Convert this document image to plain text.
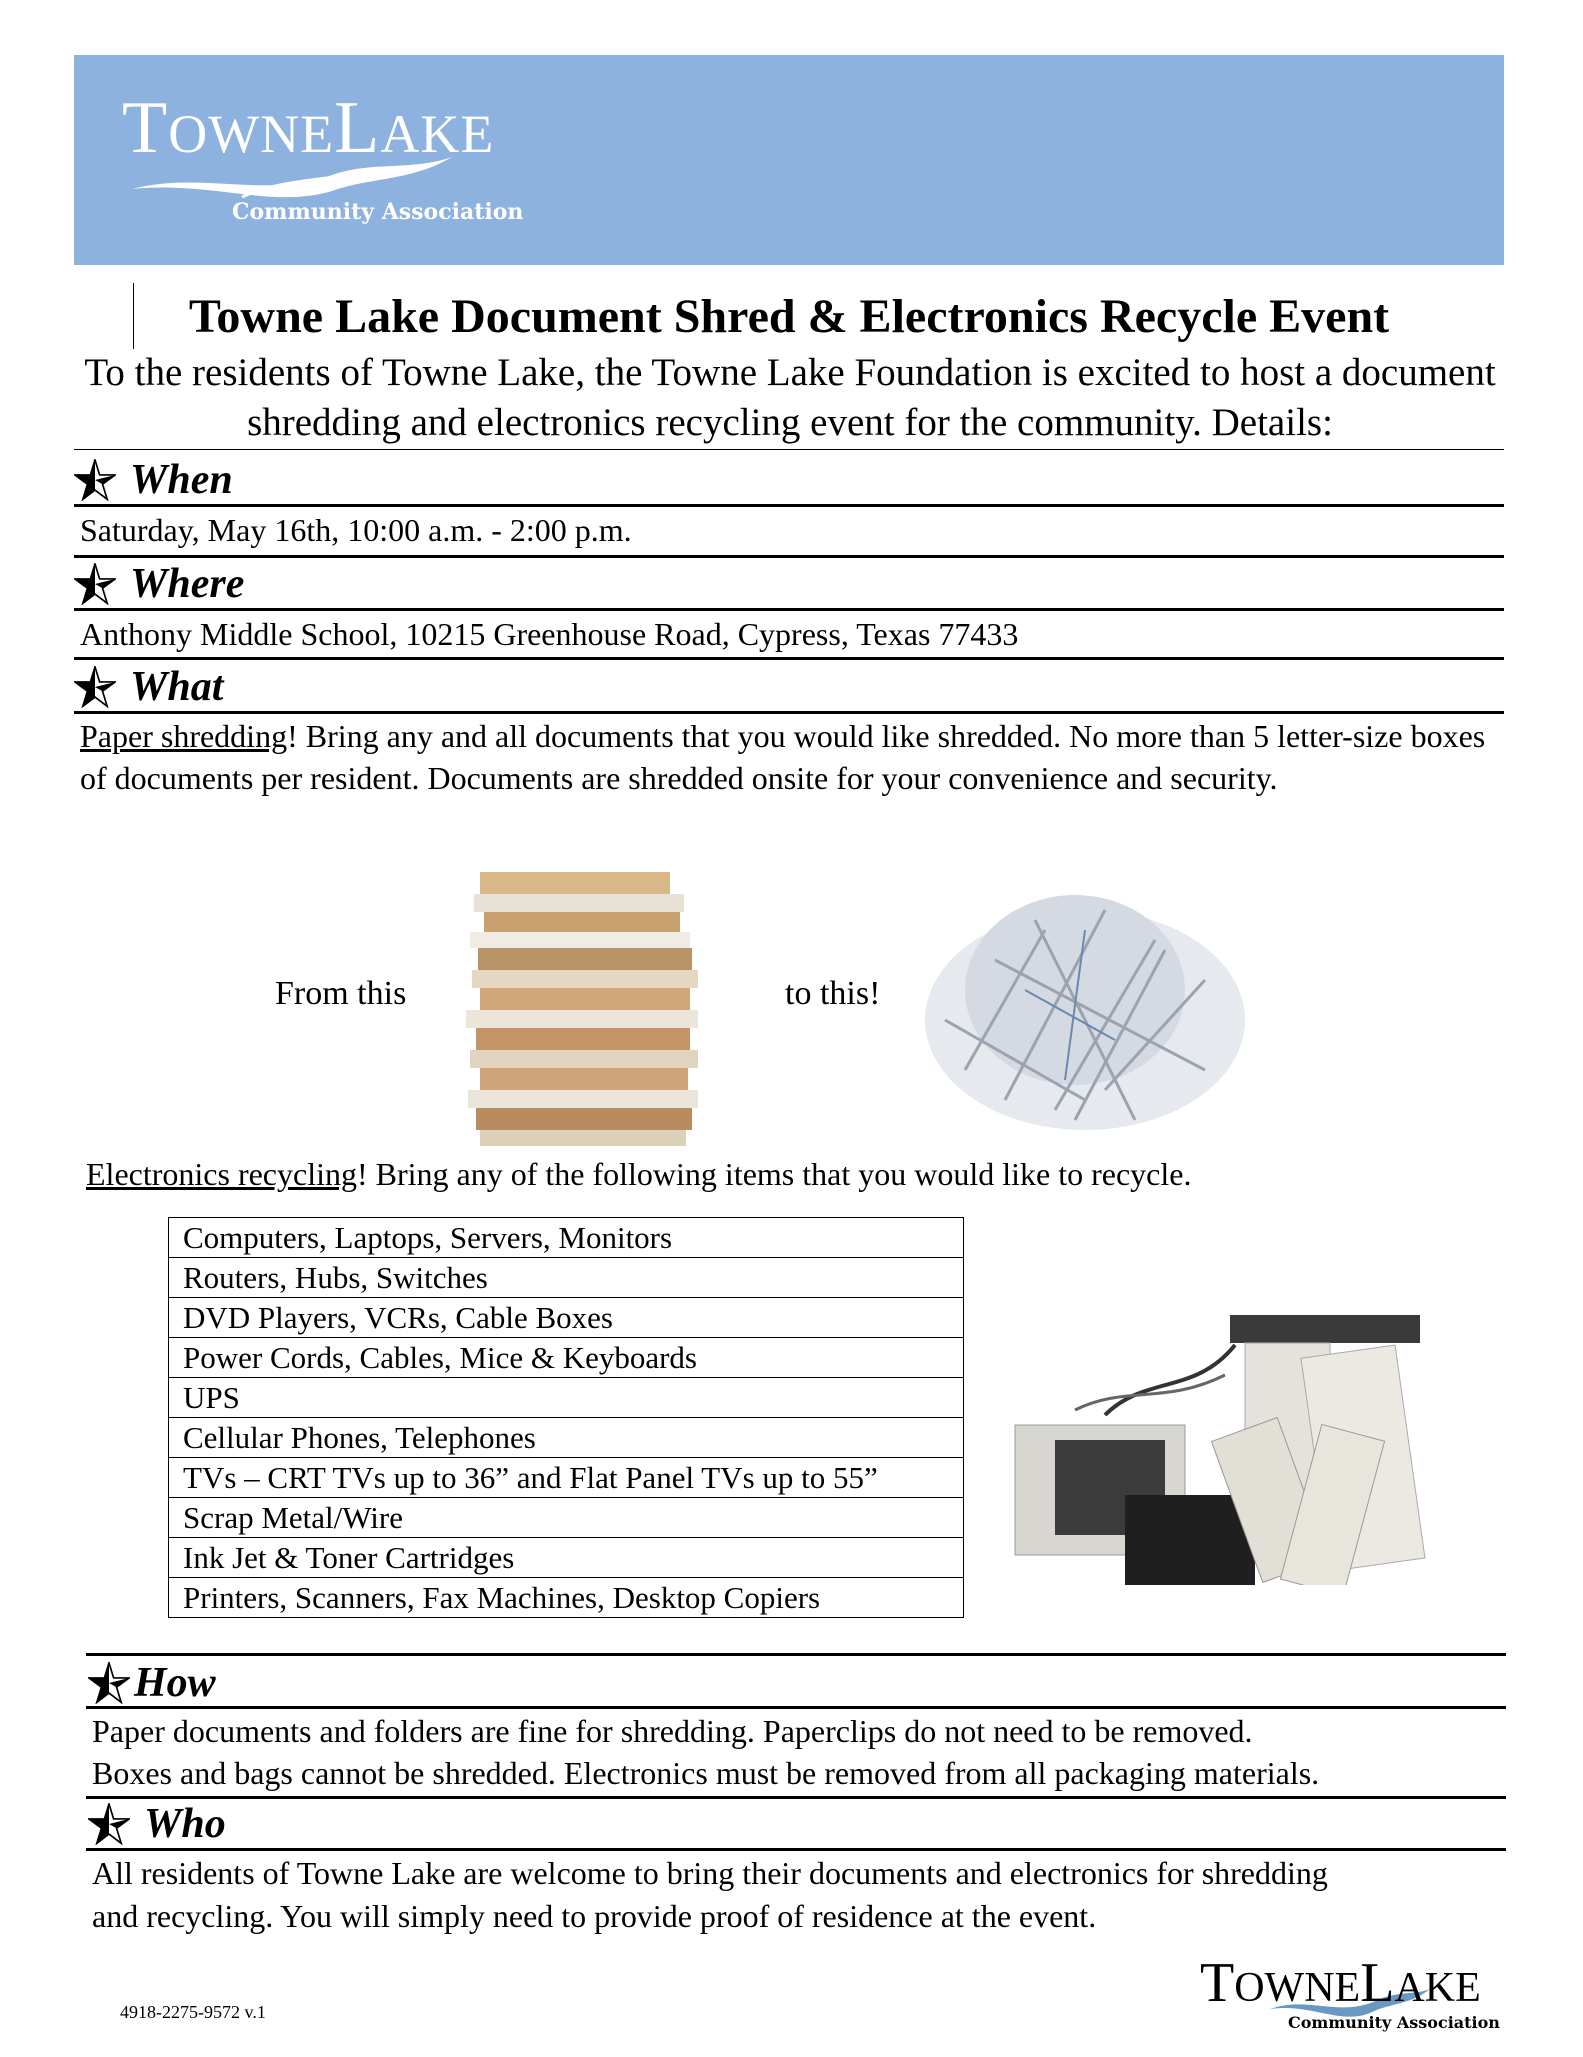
TOWNELAKE
Community Association
Towne Lake Document Shred & Electronics Recycle Event
To the residents of Towne Lake, the Towne Lake Foundation is excited to host a document shredding and electronics recycling event for the community. Details:
When
Saturday, May 16th, 10:00 a.m. - 2:00 p.m.
Where
Anthony Middle School, 10215 Greenhouse Road, Cypress, Texas 77433
What
Paper shredding! Bring any and all documents that you would like shredded. No more than 5 letter-size boxes of documents per resident. Documents are shredded onsite for your convenience and security.
From this	to this!
Electronics recycling! Bring any of the following items that you would like to recycle.
Computers, Laptops, Servers, Monitors
Routers, Hubs, Switches
DVD Players, VCRs, Cable Boxes
Power Cords, Cables, Mice & Keyboards
UPS
Cellular Phones, Telephones
TVs – CRT TVs up to 36” and Flat Panel TVs up to 55”
Scrap Metal/Wire
Ink Jet & Toner Cartridges
Printers, Scanners, Fax Machines, Desktop Copiers
How
Paper documents and folders are fine for shredding. Paperclips do not need to be removed.
Boxes and bags cannot be shredded. Electronics must be removed from all packaging materials.
Who
All residents of Towne Lake are welcome to bring their documents and electronics for shredding
and recycling. You will simply need to provide proof of residence at the event.
4918-2275-9572 v.1	TOWNELAKE
Community Association
